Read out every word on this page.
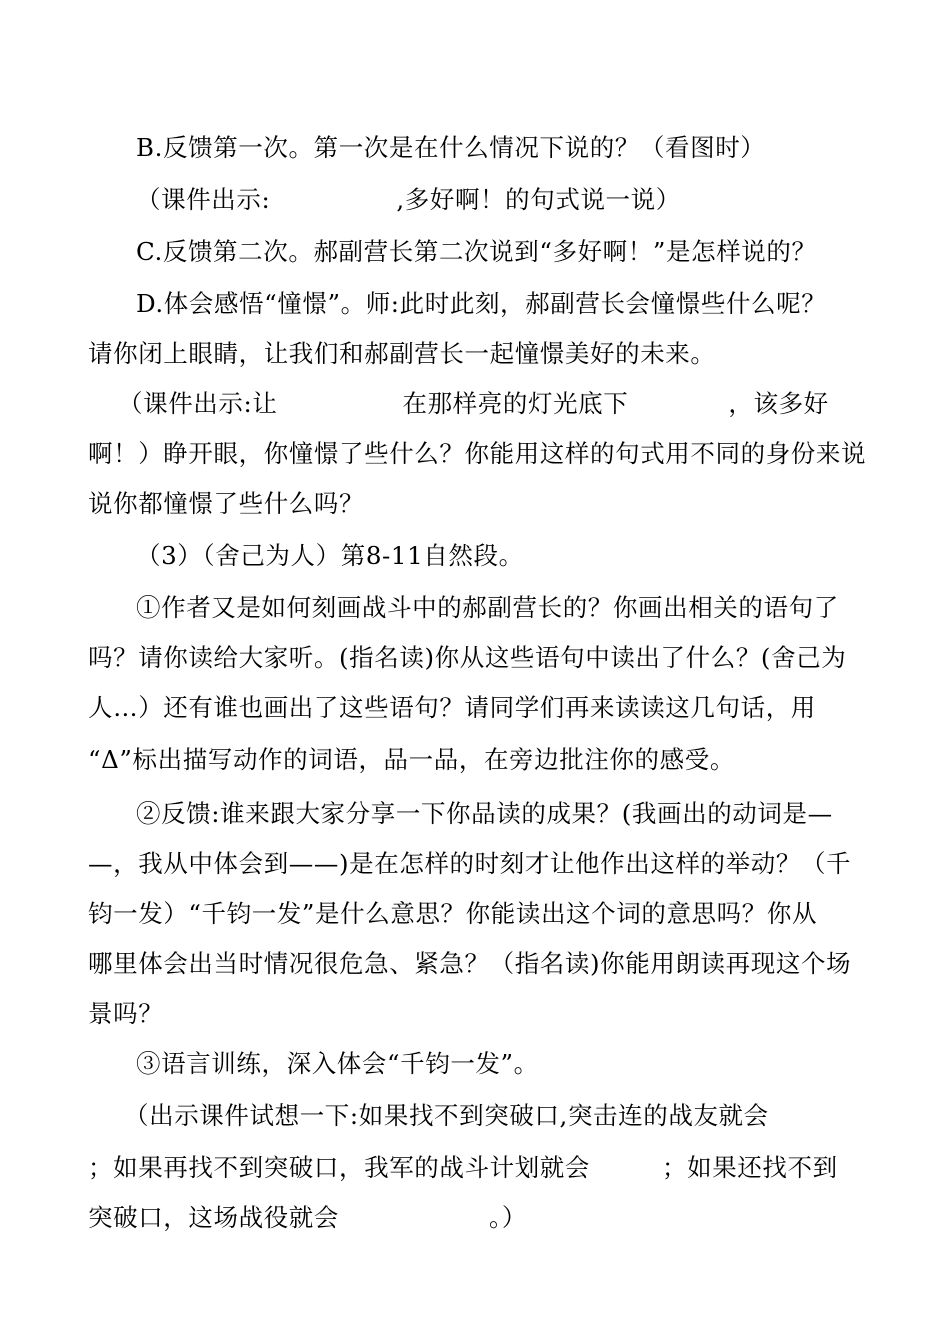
B.反馈第一次。第一次是在什么情况下说的？（看图时）
（课件出示:	,多好啊！的句式说一说）
C.反馈第二次。郝副营长第二次说到“多好啊！”是怎样说的？
D.体会感悟“憧憬”。师:此时此刻，郝副营长会憧憬些什么呢？
请你闭上眼睛，让我们和郝副营长一起憧憬美好的未来。
（课件出示:让	在那样亮的灯光底下	，该多好
啊！）睁开眼，你憧憬了些什么？你能用这样的句式用不同的身份来说
说你都憧憬了些什么吗？
（3）（舍己为人）第8-11自然段。
①作者又是如何刻画战斗中的郝副营长的？你画出相关的语句了
吗？请你读给大家听。(指名读)你从这些语句中读出了什么？(舍己为
人…）还有谁也画出了这些语句？请同学们再来读读这几句话，用
“Δ”标出描写动作的词语，品一品，在旁边批注你的感受。
②反馈:谁来跟大家分享一下你品读的成果？(我画出的动词是—
—，我从中体会到——)是在怎样的时刻才让他作出这样的举动？（千
钧一发）“千钧一发”是什么意思？你能读出这个词的意思吗？你从
哪里体会出当时情况很危急、紧急？（指名读)你能用朗读再现这个场
景吗？
③语言训练，深入体会“千钧一发”。
（出示课件试想一下:如果找不到突破口,突击连的战友就会
；如果再找不到突破口，我军的战斗计划就会	；如果还找不到
突破口，这场战役就会	。）
